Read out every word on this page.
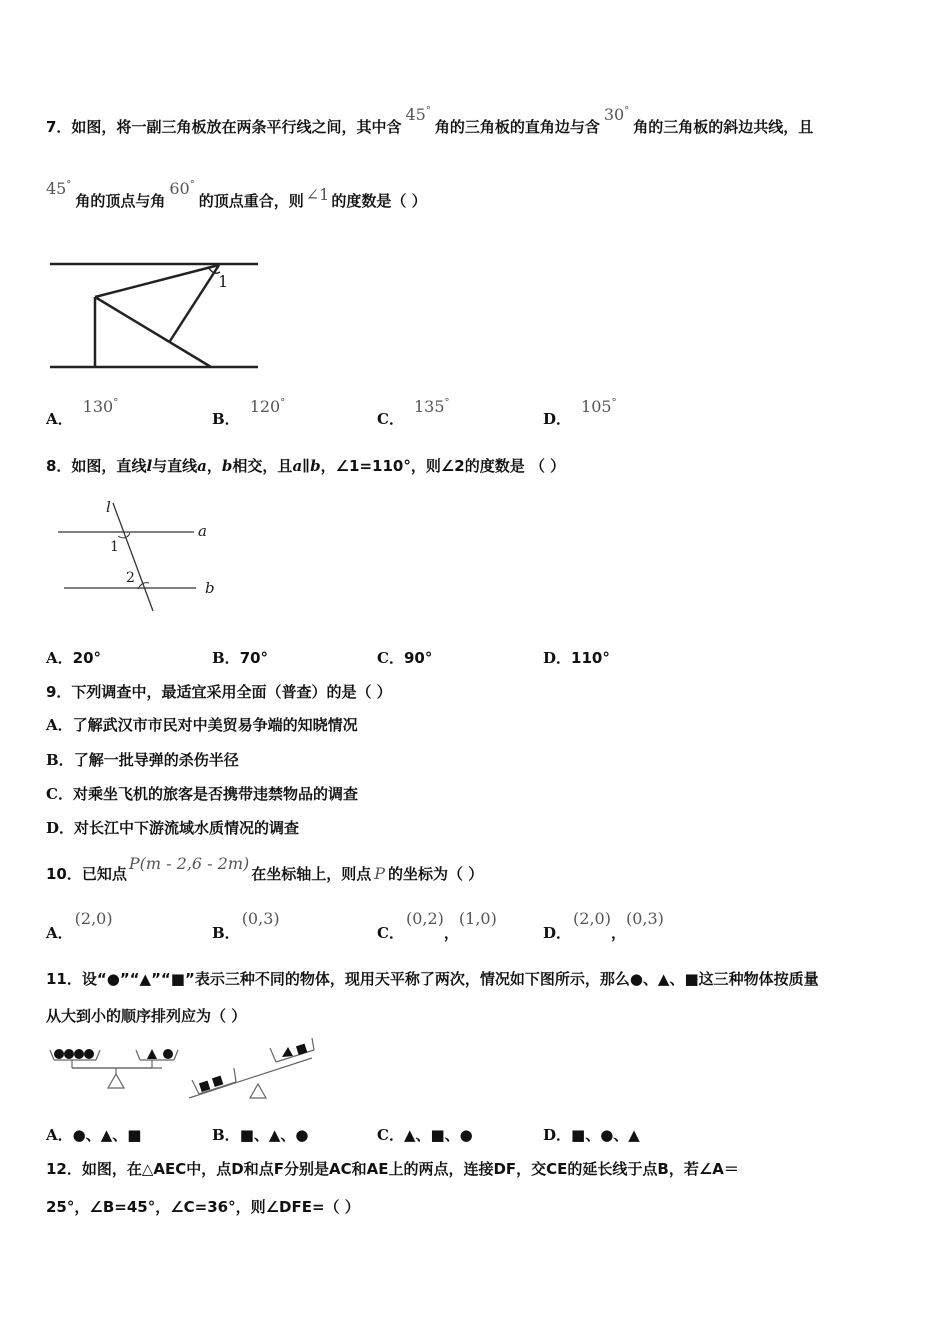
7．如图，将一副三角板放在两条平行线之间，其中含45°角的三角板的直角边与含30°角的三角板的斜边共线，且
45°角的顶点与角60°的顶点重合，则 ∠1 的度数是（ ）
1
A．130°
B．120°
C．135°
D．105°
8．如图，直线l与直线a，b相交，且a∥b，∠1=110°，则∠2的度数是 （ ）
l
a
b
1
2
A．20°	B．70°	C．90°	D．110°
9．下列调查中，最适宜采用全面（普查）的是（ ）
A．了解武汉市市民对中美贸易争端的知晓情况
B．了解一批导弹的杀伤半径
C．对乘坐飞机的旅客是否携带违禁物品的调查
D．对长江中下游流域水质情况的调查
10．已知点P(m - 2,6 - 2m)在坐标轴上，则点 P 的坐标为（ ）
A．(2,0)
B．(0,3)
C．(0,2)，(1,0)
D．(2,0)，(0,3)
11．设“●”“▲”“■”表示三种不同的物体，现用天平称了两次，情况如下图所示，那么●、▲、■这三种物体按质量
从大到小的顺序排列应为（ ）
A．●、▲、■	B．■、▲、●	C．▲、■、●	D．■、●、▲
12．如图，在△AEC中，点D和点F分别是AC和AE上的两点，连接DF，交CE的延长线于点B，若∠A＝
25°，∠B=45°，∠C=36°，则∠DFE=（ ）
